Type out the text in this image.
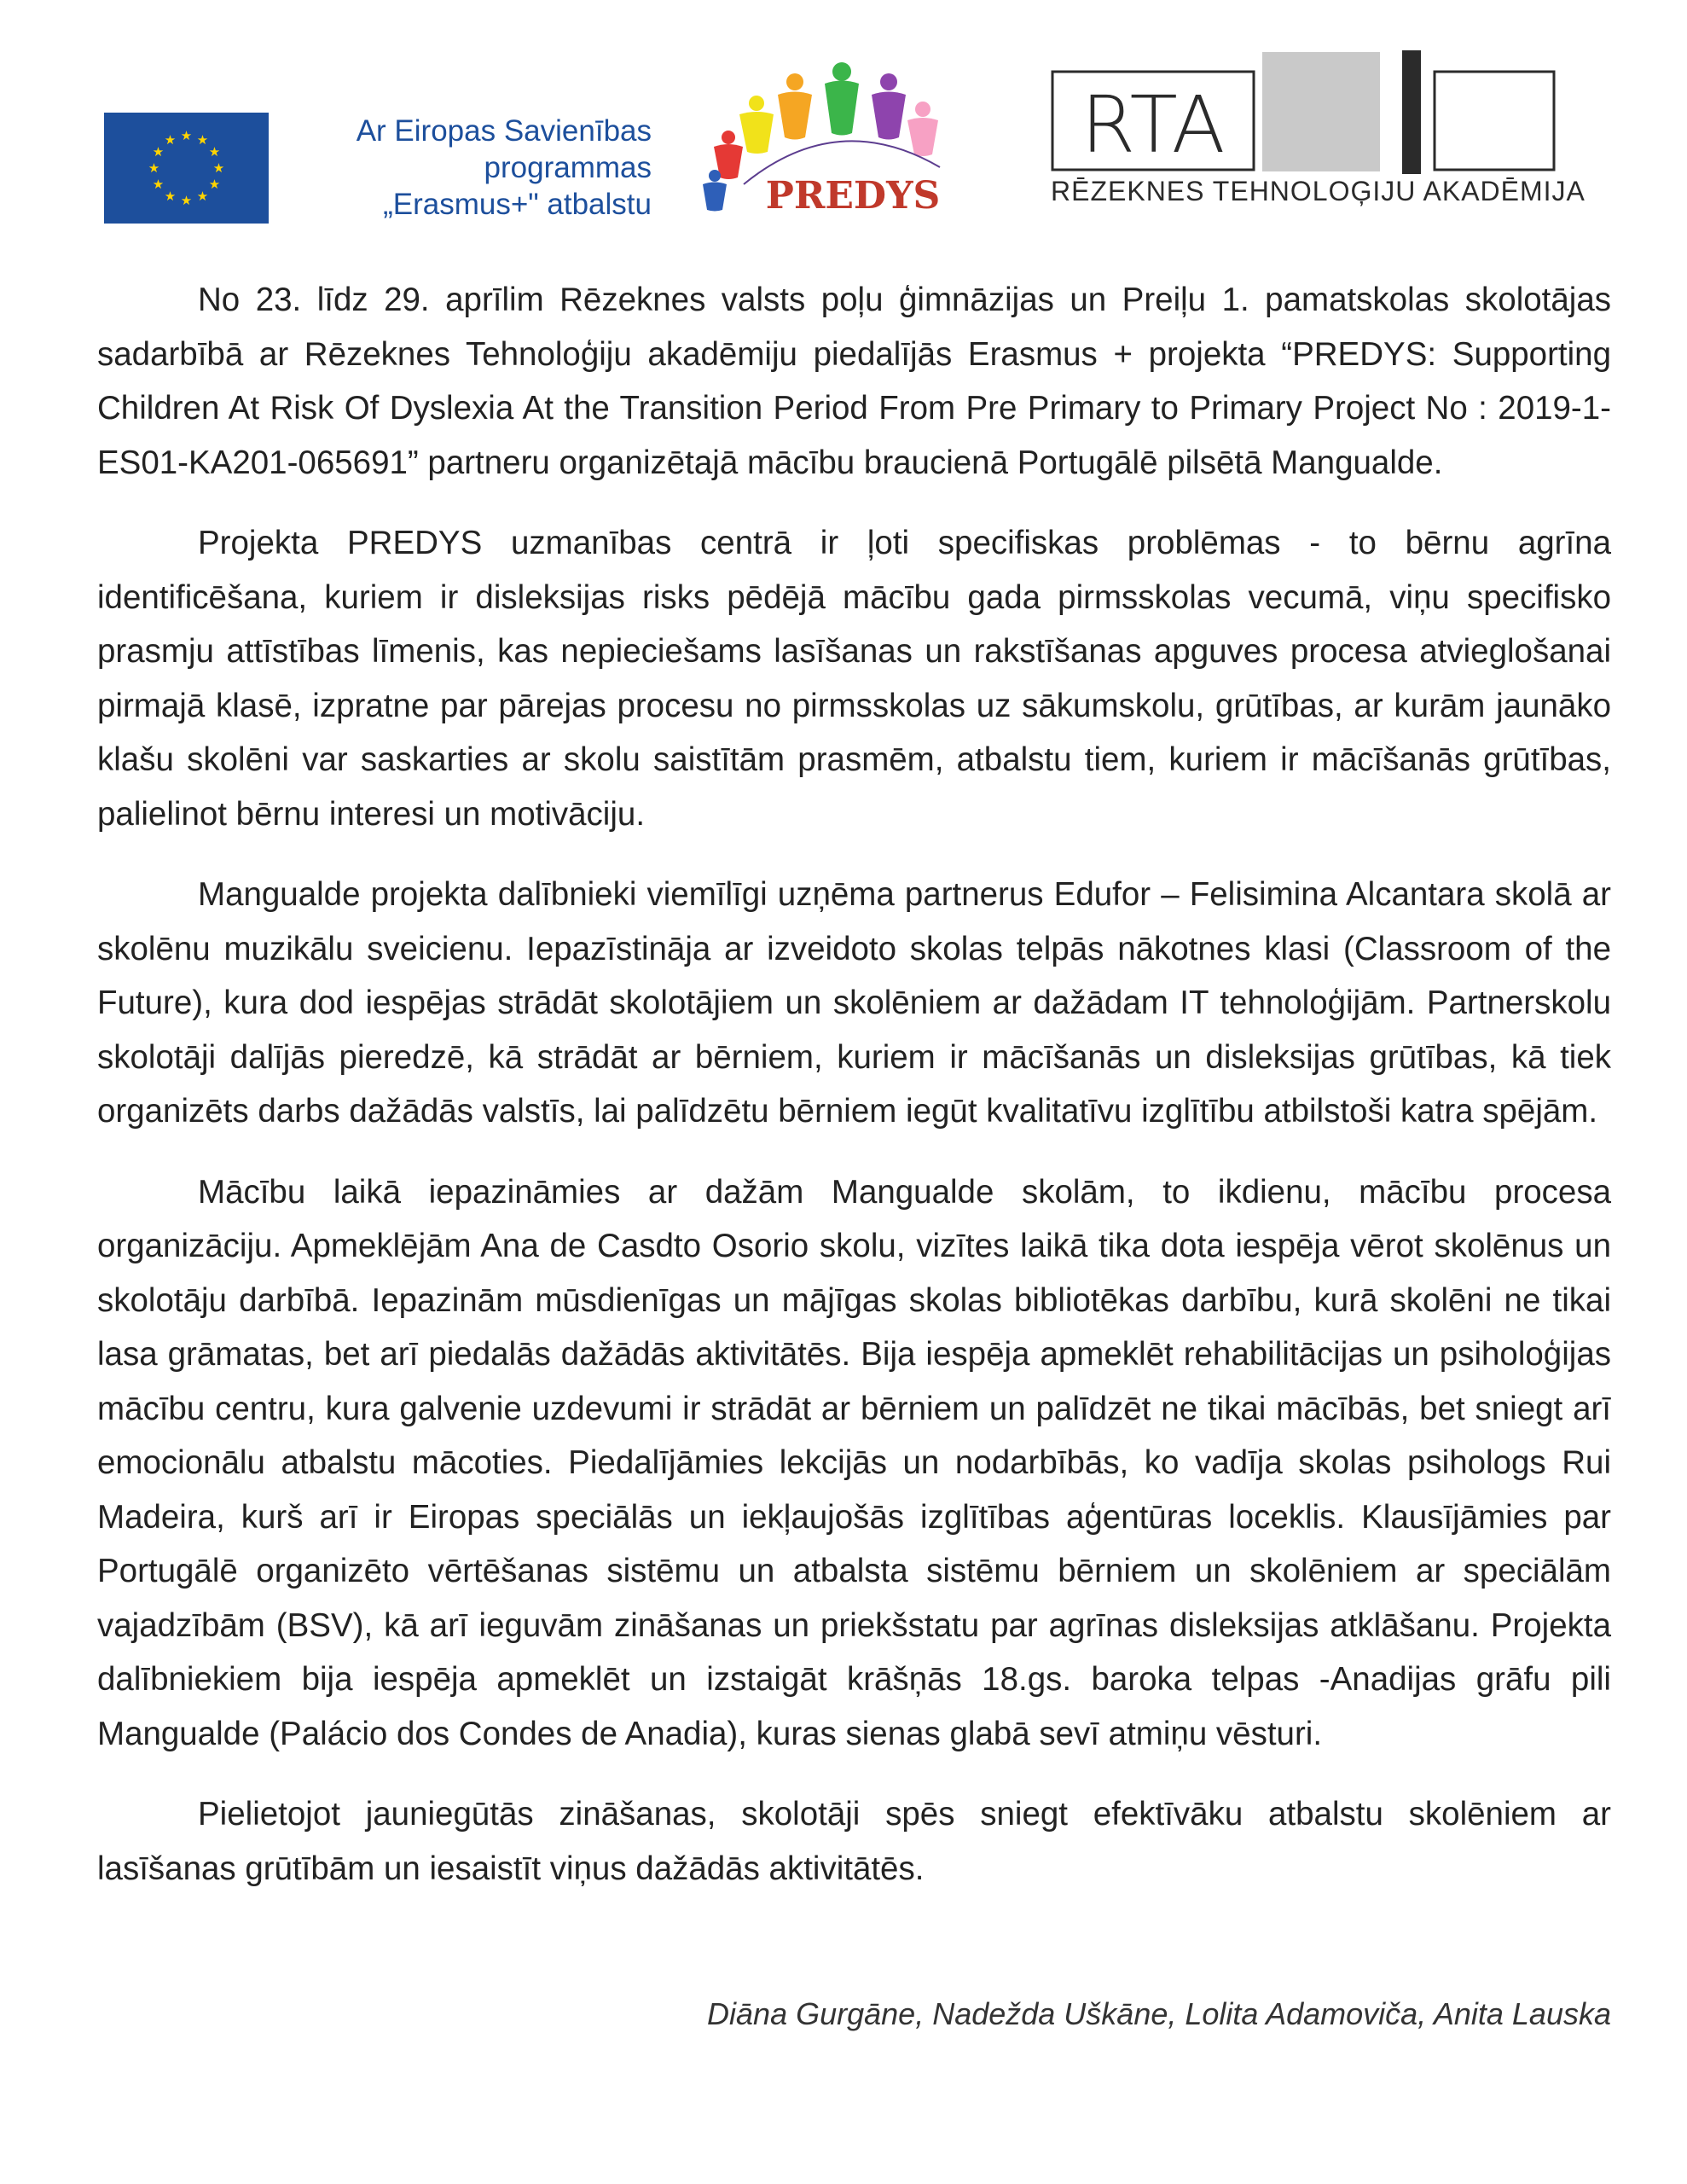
★ ★
★
★
★
★
★
★
★
★
★
★	Ar Eiropas Savienības
programmas
„Erasmus+" atbalstu	PREDYS
RTA
RĒZEKNES TEHNOLOĢIJU AKADĒMIJA

No 23. līdz 29. aprīlim Rēzeknes valsts poļu ģimnāzijas un Preiļu 1. pamatskolas skolotājas sadarbībā ar Rēzeknes Tehnoloģiju akadēmiju piedalījās Erasmus + projekta “PREDYS: Supporting Children At Risk Of Dyslexia At the Transition Period From Pre Primary to Primary Project No : 2019-1-ES01-KA201-065691” partneru organizētajā mācību braucienā Portugālē pilsētā Mangualde.

Projekta PREDYS uzmanības centrā ir ļoti specifiskas problēmas - to bērnu agrīna identificēšana, kuriem ir disleksijas risks pēdējā mācību gada pirmsskolas vecumā, viņu specifisko prasmju attīstības līmenis, kas nepieciešams lasīšanas un rakstīšanas apguves procesa atvieglošanai pirmajā klasē, izpratne par pārejas procesu no pirmsskolas uz sākumskolu, grūtības, ar kurām jaunāko klašu skolēni var saskarties ar skolu saistītām prasmēm, atbalstu tiem, kuriem ir mācīšanās grūtības, palielinot bērnu interesi un motivāciju.

Mangualde projekta dalībnieki viemīlīgi uzņēma partnerus Edufor – Felisimina Alcantara skolā ar skolēnu muzikālu sveicienu. Iepazīstināja ar izveidoto skolas telpās nākotnes klasi (Classroom of the Future), kura dod iespējas strādāt skolotājiem un skolēniem ar dažādam IT tehnoloģijām. Partnerskolu skolotāji dalījās pieredzē, kā strādāt ar bērniem, kuriem ir mācīšanās un disleksijas grūtības, kā tiek organizēts darbs dažādās valstīs, lai palīdzētu bērniem iegūt kvalitatīvu izglītību atbilstoši katra spējām.

Mācību laikā iepazināmies ar dažām Mangualde skolām, to ikdienu, mācību procesa organizāciju. Apmeklējām Ana de Casdto Osorio skolu, vizītes laikā tika dota iespēja vērot skolēnus un skolotāju darbībā. Iepazinām mūsdienīgas un mājīgas skolas bibliotēkas darbību, kurā skolēni ne tikai lasa grāmatas, bet arī piedalās dažādās aktivitātēs. Bija iespēja apmeklēt rehabilitācijas un psiholoģijas mācību centru, kura galvenie uzdevumi ir strādāt ar bērniem un palīdzēt ne tikai mācībās, bet sniegt arī emocionālu atbalstu mācoties. Piedalījāmies lekcijās un nodarbībās, ko vadīja skolas psihologs Rui Madeira, kurš arī ir Eiropas speciālās un iekļaujošās izglītības aģentūras loceklis. Klausījāmies par Portugālē organizēto vērtēšanas sistēmu un atbalsta sistēmu bērniem un skolēniem ar speciālām vajadzībām (BSV), kā arī ieguvām zināšanas un priekšstatu par agrīnas disleksijas atklāšanu. Projekta dalībniekiem bija iespēja apmeklēt un izstaigāt krāšņās 18.gs. baroka telpas -Anadijas grāfu pili Mangualde (Palácio dos Condes de Anadia), kuras sienas glabā sevī atmiņu vēsturi.

Pielietojot jauniegūtās zināšanas, skolotāji spēs sniegt efektīvāku atbalstu skolēniem ar lasīšanas grūtībām un iesaistīt viņus dažādās aktivitātēs.

Diāna Gurgāne, Nadežda Uškāne, Lolita Adamoviča, Anita Lauska
